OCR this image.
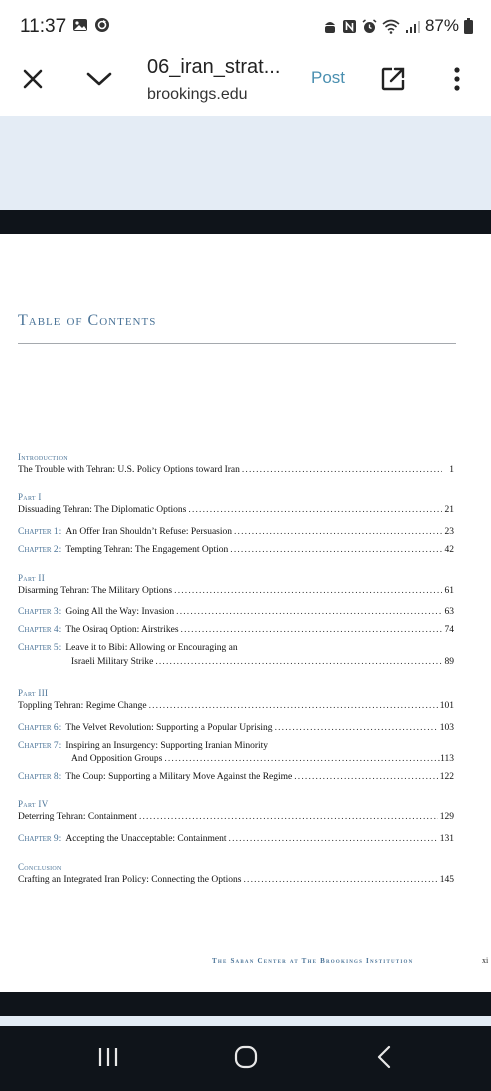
11:37	87%
06_iran_strat...
brookings.edu
Post
Table of Contents
Introduction
The Trouble with Tehran: U.S. Policy Options toward Iran . . .	1
Part I
Dissuading Tehran: The Diplomatic Options . . .	21
Chapter 1: An Offer Iran Shouldn’t Refuse: Persuasion . . .	23
Chapter 2: Tempting Tehran: The Engagement Option . . .	42
Part II
Disarming Tehran: The Military Options . . .	61
Chapter 3: Going All the Way: Invasion . . .	63
Chapter 4: The Osiraq Option: Airstrikes . . .	74
Chapter 5: Leave it to Bibi: Allowing or Encouraging an
Israeli Military Strike . . .	89
Part III
Toppling Tehran: Regime Change . . .	101
Chapter 6: The Velvet Revolution: Supporting a Popular Uprising . . .	103
Chapter 7: Inspiring an Insurgency: Supporting Iranian Minority
And Opposition Groups . . .	.113
Chapter 8: The Coup: Supporting a Military Move Against the Regime . . .	122
Part IV
Deterring Tehran: Containment . . .	129
Chapter 9: Accepting the Unacceptable: Containment . . .	131
Conclusion
Crafting an Integrated Iran Policy: Connecting the Options . . .	145
The Saban Center at The Brookings Institution	xi
